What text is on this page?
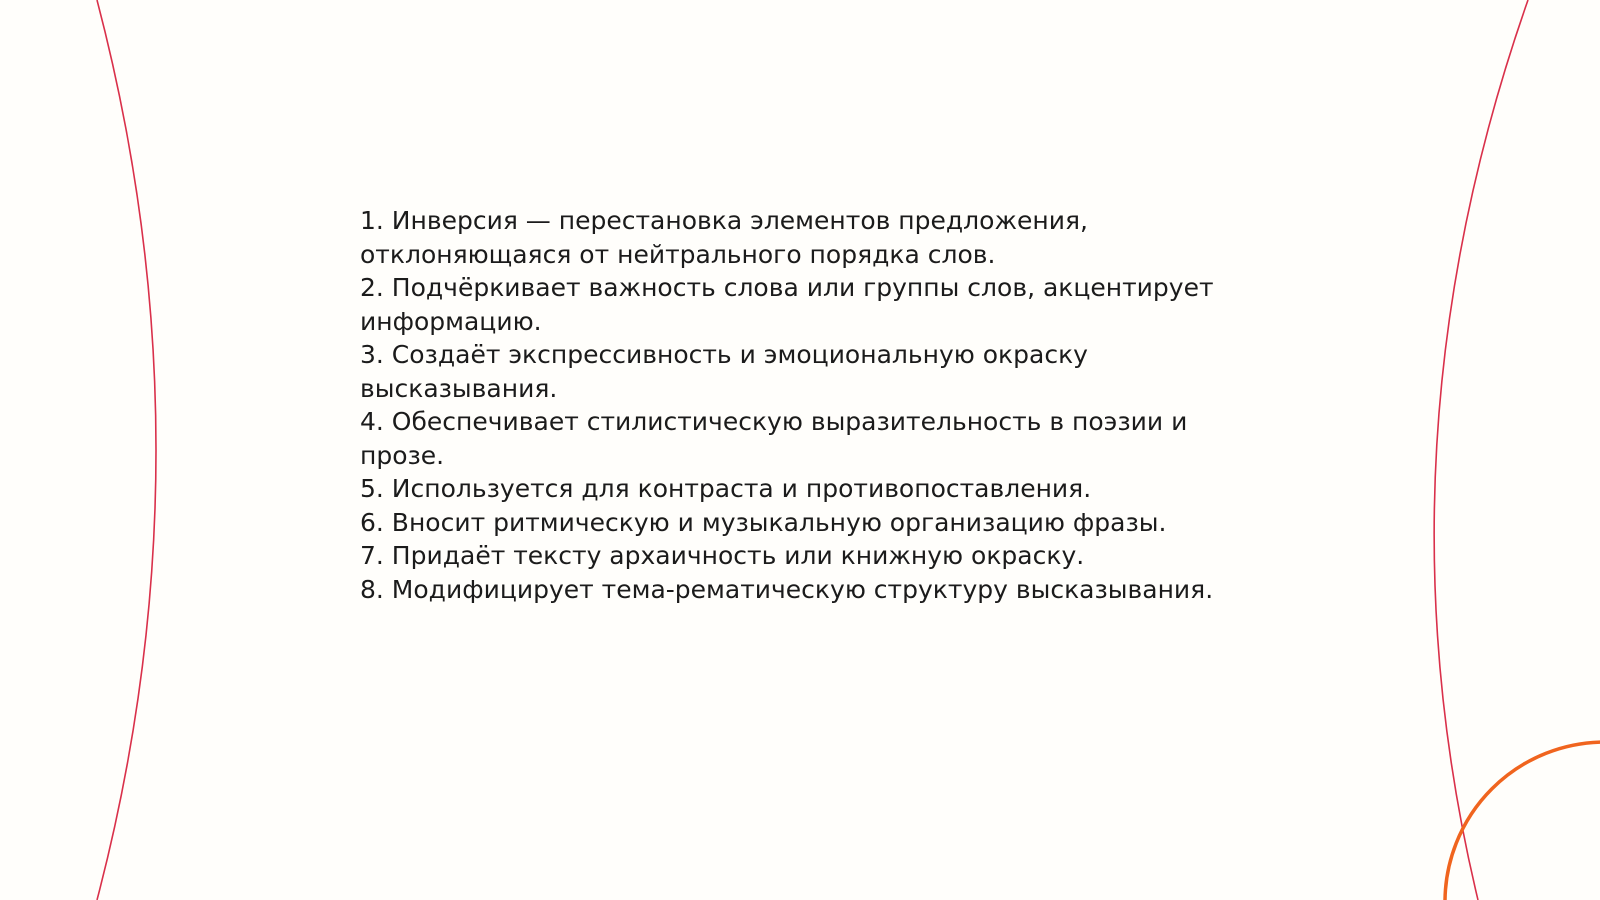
1. Инверсия — перестановка элементов предложения,
отклоняющаяся от нейтрального порядка слов.
2. Подчёркивает важность слова или группы слов, акцентирует
информацию.
3. Создаёт экспрессивность и эмоциональную окраску
высказывания.
4. Обеспечивает стилистическую выразительность в поэзии и
прозе.
5. Используется для контраста и противопоставления.
6. Вносит ритмическую и музыкальную организацию фразы.
7. Придаёт тексту архаичность или книжную окраску.
8. Модифицирует тема-рематическую структуру высказывания.
